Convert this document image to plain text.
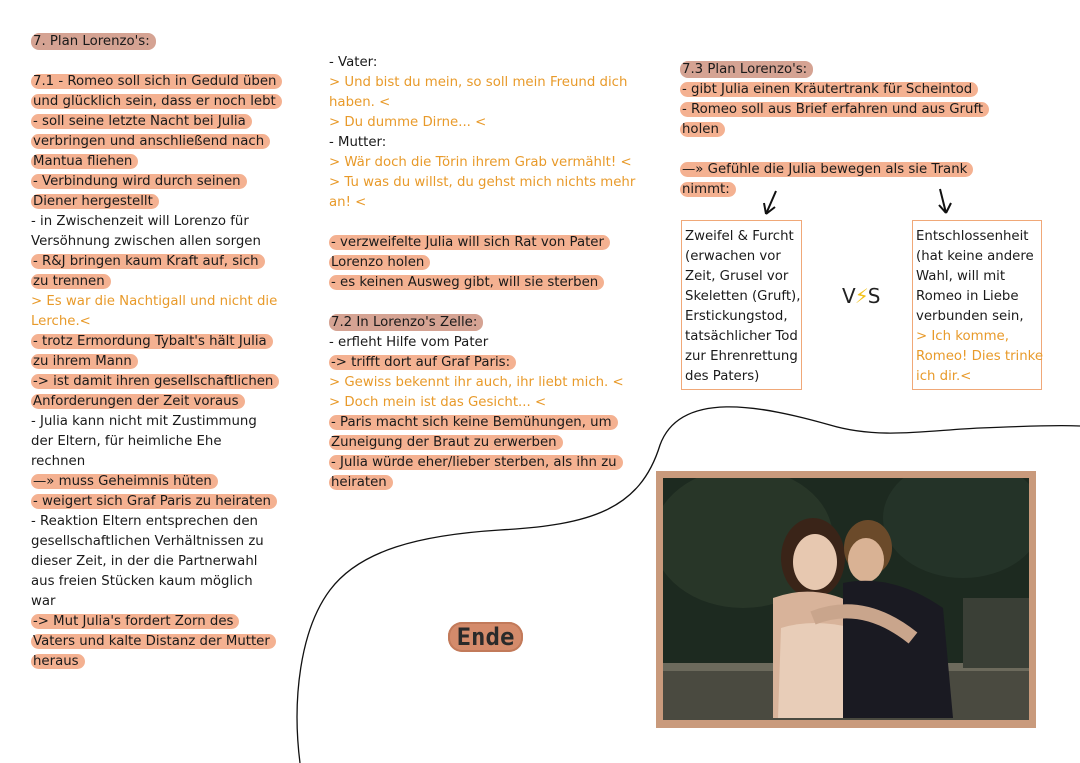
7. Plan Lorenzo's:
7.1 - Romeo soll sich in Geduld üben
und glücklich sein, dass er noch lebt
- soll seine letzte Nacht bei Julia
verbringen und anschließend nach
Mantua fliehen
- Verbindung wird durch seinen
Diener hergestellt
- in Zwischenzeit will Lorenzo für
Versöhnung zwischen allen sorgen
- R&J bringen kaum Kraft auf, sich
zu trennen
> Es war die Nachtigall und nicht die
Lerche.<
- trotz Ermordung Tybalt's hält Julia
zu ihrem Mann
-> ist damit ihren gesellschaftlichen
Anforderungen der Zeit voraus
- Julia kann nicht mit Zustimmung
der Eltern, für heimliche Ehe
rechnen
—» muss Geheimnis hüten
- weigert sich Graf Paris zu heiraten
- Reaktion Eltern entsprechen den
gesellschaftlichen Verhältnissen zu
dieser Zeit, in der die Partnerwahl
aus freien Stücken kaum möglich
war
-> Mut Julia's fordert Zorn des
Vaters und kalte Distanz der Mutter
heraus
- Vater:
> Und bist du mein, so soll mein Freund dich
haben. <
> Du dumme Dirne... <
- Mutter:
> Wär doch die Törin ihrem Grab vermählt! <
> Tu was du willst, du gehst mich nichts mehr
an! <
- verzweifelte Julia will sich Rat von Pater
Lorenzo holen
- es keinen Ausweg gibt, will sie sterben
7.2 In Lorenzo's Zelle:
- erfleht Hilfe vom Pater
-> trifft dort auf Graf Paris:
> Gewiss bekennt ihr auch, ihr liebt mich. <
> Doch mein ist das Gesicht... <
- Paris macht sich keine Bemühungen, um
Zuneigung der Braut zu erwerben
- Julia würde eher/lieber sterben, als ihn zu
heiraten
7.3 Plan Lorenzo's:
- gibt Julia einen Kräutertrank für Scheintod
- Romeo soll aus Brief erfahren und aus Gruft
holen
—» Gefühle die Julia bewegen als sie Trank
nimmt:
Zweifel & Furcht
(erwachen vor
Zeit, Grusel vor
Skeletten (Gruft),
Erstickungstod,
tatsächlicher Tod
zur Ehrenrettung
des Paters)
Entschlossenheit
(hat keine andere
Wahl, will mit
Romeo in Liebe
verbunden sein,
> Ich komme,
Romeo! Dies trinke
ich dir.<
V⚡S
Ende
